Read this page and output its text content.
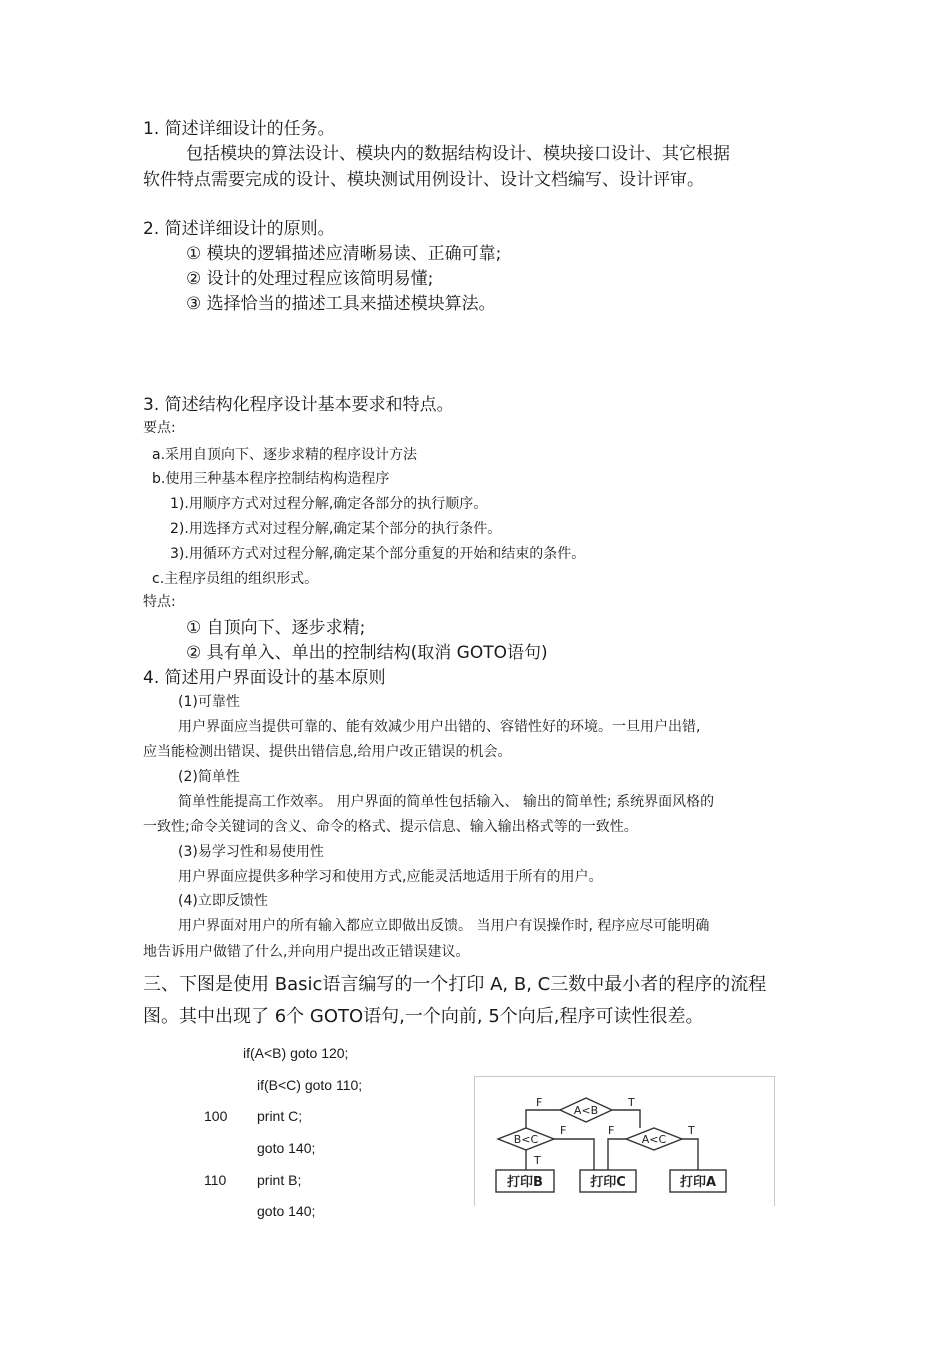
1. 简述详细设计的任务。
包括模块的算法设计、模块内的数据结构设计、模块接口设计、其它根据
软件特点需要完成的设计、模块测试用例设计、设计文档编写、设计评审。
2. 简述详细设计的原则。
① 模块的逻辑描述应清晰易读、正确可靠;
② 设计的处理过程应该简明易懂;
③ 选择恰当的描述工具来描述模块算法。
3. 简述结构化程序设计基本要求和特点。
要点:
a.采用自顶向下、逐步求精的程序设计方法
b.使用三种基本程序控制结构构造程序
1).用顺序方式对过程分解,确定各部分的执行顺序。
2).用选择方式对过程分解,确定某个部分的执行条件。
3).用循环方式对过程分解,确定某个部分重复的开始和结束的条件。
c.主程序员组的组织形式。
特点:
① 自顶向下、逐步求精;
② 具有单入、单出的控制结构(取消 GOTO语句)
4. 简述用户界面设计的基本原则
(1)可靠性
用户界面应当提供可靠的、能有效减少用户出错的、容错性好的环境。一旦用户出错,
应当能检测出错误、提供出错信息,给用户改正错误的机会。
(2)简单性
简单性能提高工作效率。 用户界面的简单性包括输入、 输出的简单性; 系统界面风格的
一致性;命令关键词的含义、命令的格式、提示信息、输入输出格式等的一致性。
(3)易学习性和易使用性
用户界面应提供多种学习和使用方式,应能灵活地适用于所有的用户。
(4)立即反馈性
用户界面对用户的所有输入都应立即做出反馈。 当用户有误操作时, 程序应尽可能明确
地告诉用户做错了什么,并向用户提出改正错误建议。
三、下图是使用 Basic语言编写的一个打印 A, B, C三数中最小者的程序的流程
图。其中出现了 6个 GOTO语句,一个向前, 5个向后,程序可读性很差。
if(A<B) goto 120;
if(B<C) goto 110;
100 print C;
goto 140;
110 print B;
goto 140;
A<B
B<C	A<C
F	T
F	F	T
T
打印B	打印C	打印A
